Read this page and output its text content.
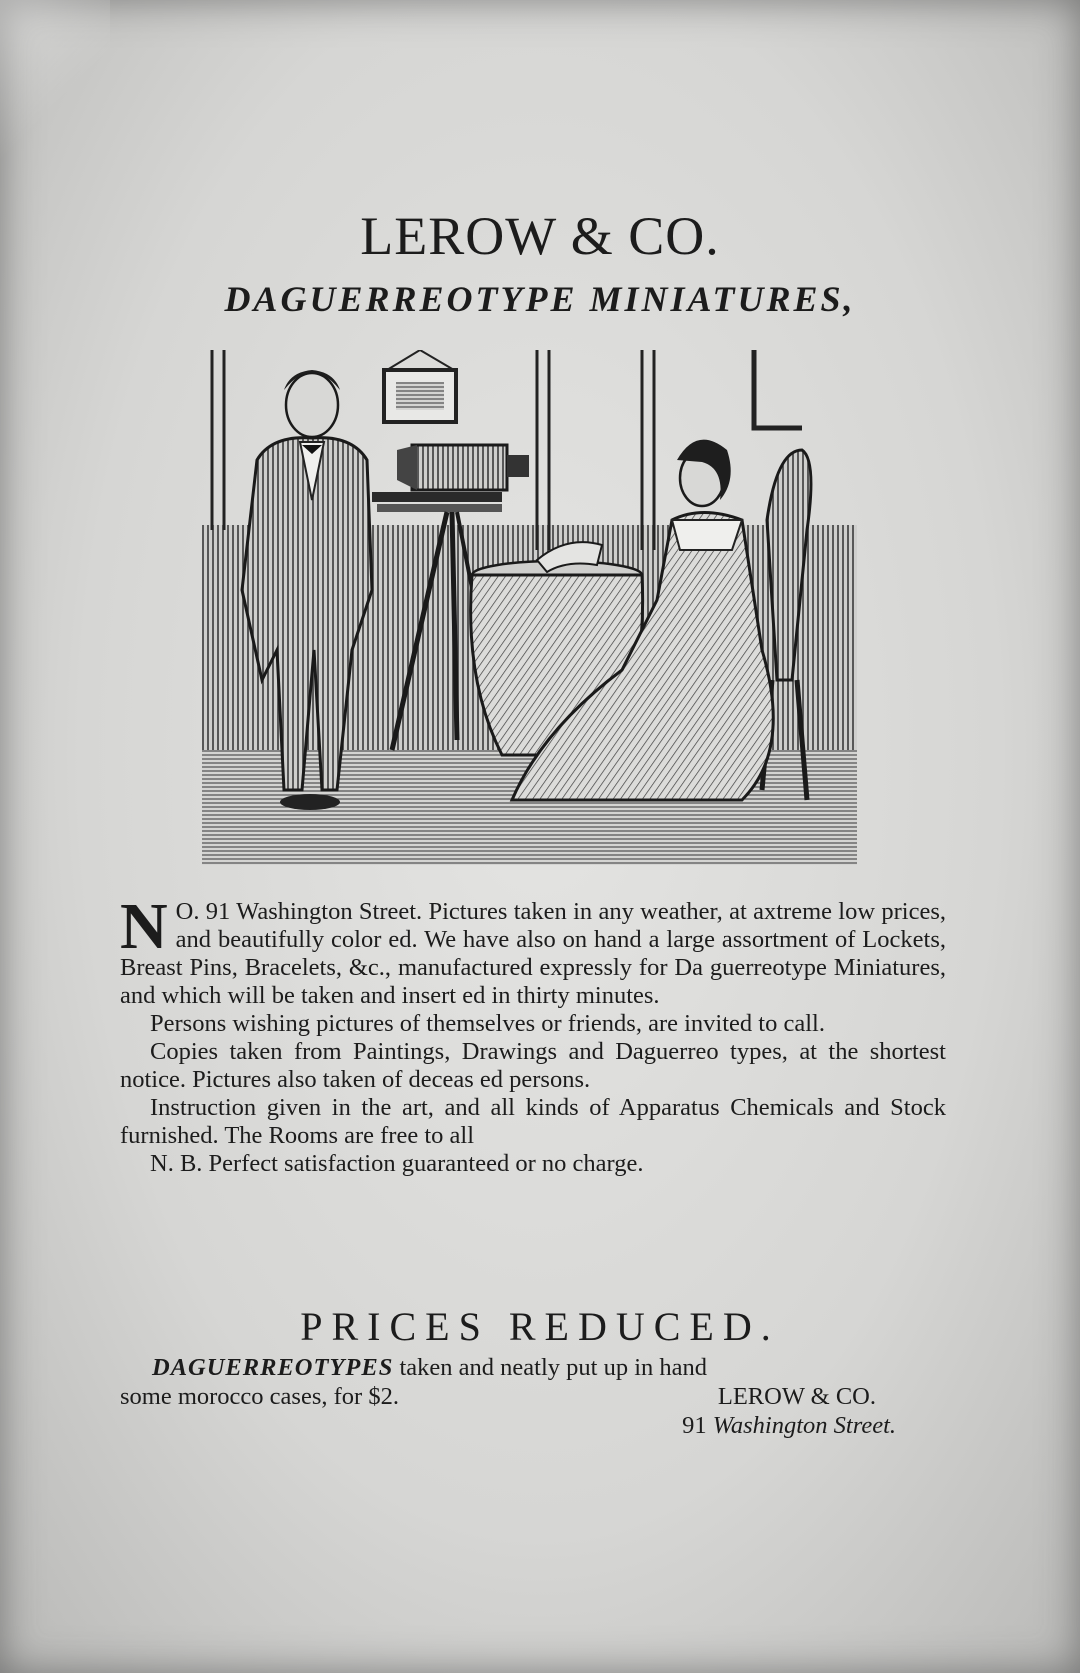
LEROW & CO.
DAGUERREOTYPE MINIATURES,

N O. 91 Washington Street. Pictures taken in any weather, at axtreme low prices, and beautifully color ed. We have also on hand a large assortment of Lockets, Breast Pins, Bracelets, &c., manufactured expressly for Da guerreotype Miniatures, and which will be taken and insert ed in thirty minutes.

Persons wishing pictures of themselves or friends, are invited to call.

Copies taken from Paintings, Drawings and Daguerreo types, at the shortest notice. Pictures also taken of deceas ed persons.

Instruction given in the art, and all kinds of Apparatus Chemicals and Stock furnished. The Rooms are free to all

N. B. Perfect satisfaction guaranteed or no charge.

PRICES REDUCED.
DAGUERREOTYPES taken and neatly put up in hand
some morocco cases, for $2.	LEROW & CO.
91 Washington Street.
